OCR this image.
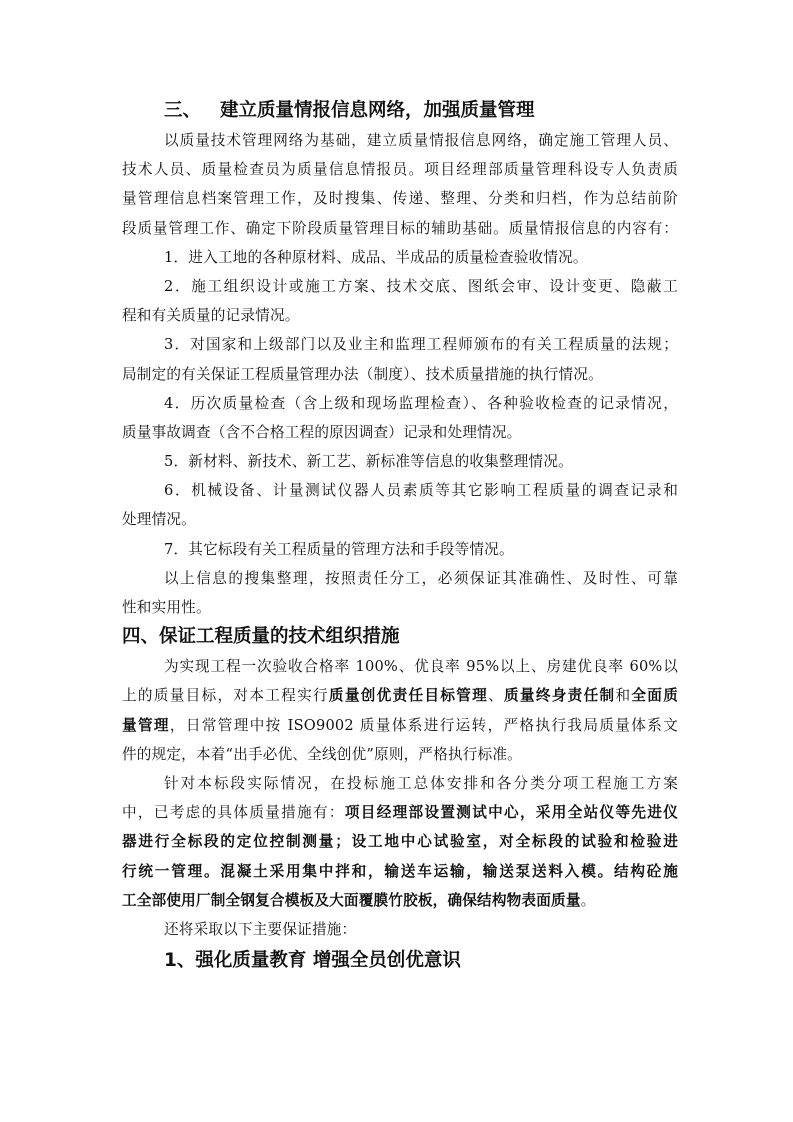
三、 建立质量情报信息网络，加强质量管理
以质量技术管理网络为基础，建立质量情报信息网络，确定施工管理人员、
技术人员、质量检查员为质量信息情报员。项目经理部质量管理科设专人负责质
量管理信息档案管理工作，及时搜集、传递、整理、分类和归档，作为总结前阶
段质量管理工作、确定下阶段质量管理目标的辅助基础。质量情报信息的内容有：
1．进入工地的各种原材料、成品、半成品的质量检查验收情况。
2．施工组织设计或施工方案、技术交底、图纸会审、设计变更、隐蔽工
程和有关质量的记录情况。
3．对国家和上级部门以及业主和监理工程师颁布的有关工程质量的法规；
局制定的有关保证工程质量管理办法（制度）、技术质量措施的执行情况。
4．历次质量检查（含上级和现场监理检查）、各种验收检查的记录情况，
质量事故调查（含不合格工程的原因调查）记录和处理情况。
5．新材料、新技术、新工艺、新标准等信息的收集整理情况。
6．机械设备、计量测试仪器人员素质等其它影响工程质量的调查记录和
处理情况。
7．其它标段有关工程质量的管理方法和手段等情况。
以上信息的搜集整理，按照责任分工，必须保证其准确性、及时性、可靠
性和实用性。
四、保证工程质量的技术组织措施
为实现工程一次验收合格率 100%、优良率 95%以上、房建优良率 60%以
上的质量目标，对本工程实行质量创优责任目标管理、质量终身责任制和全面质
量管理，日常管理中按 ISO9002 质量体系进行运转，严格执行我局质量体系文
件的规定，本着“出手必优、全线创优”原则，严格执行标准。
针对本标段实际情况，在投标施工总体安排和各分类分项工程施工方案
中，已考虑的具体质量措施有：项目经理部设置测试中心，采用全站仪等先进仪
器进行全标段的定位控制测量；设工地中心试验室，对全标段的试验和检验进
行统一管理。混凝土采用集中拌和，输送车运输，输送泵送料入模。结构砼施
工全部使用厂制全钢复合模板及大面覆膜竹胶板，确保结构物表面质量。
还将采取以下主要保证措施：
1、强化质量教育 增强全员创优意识
